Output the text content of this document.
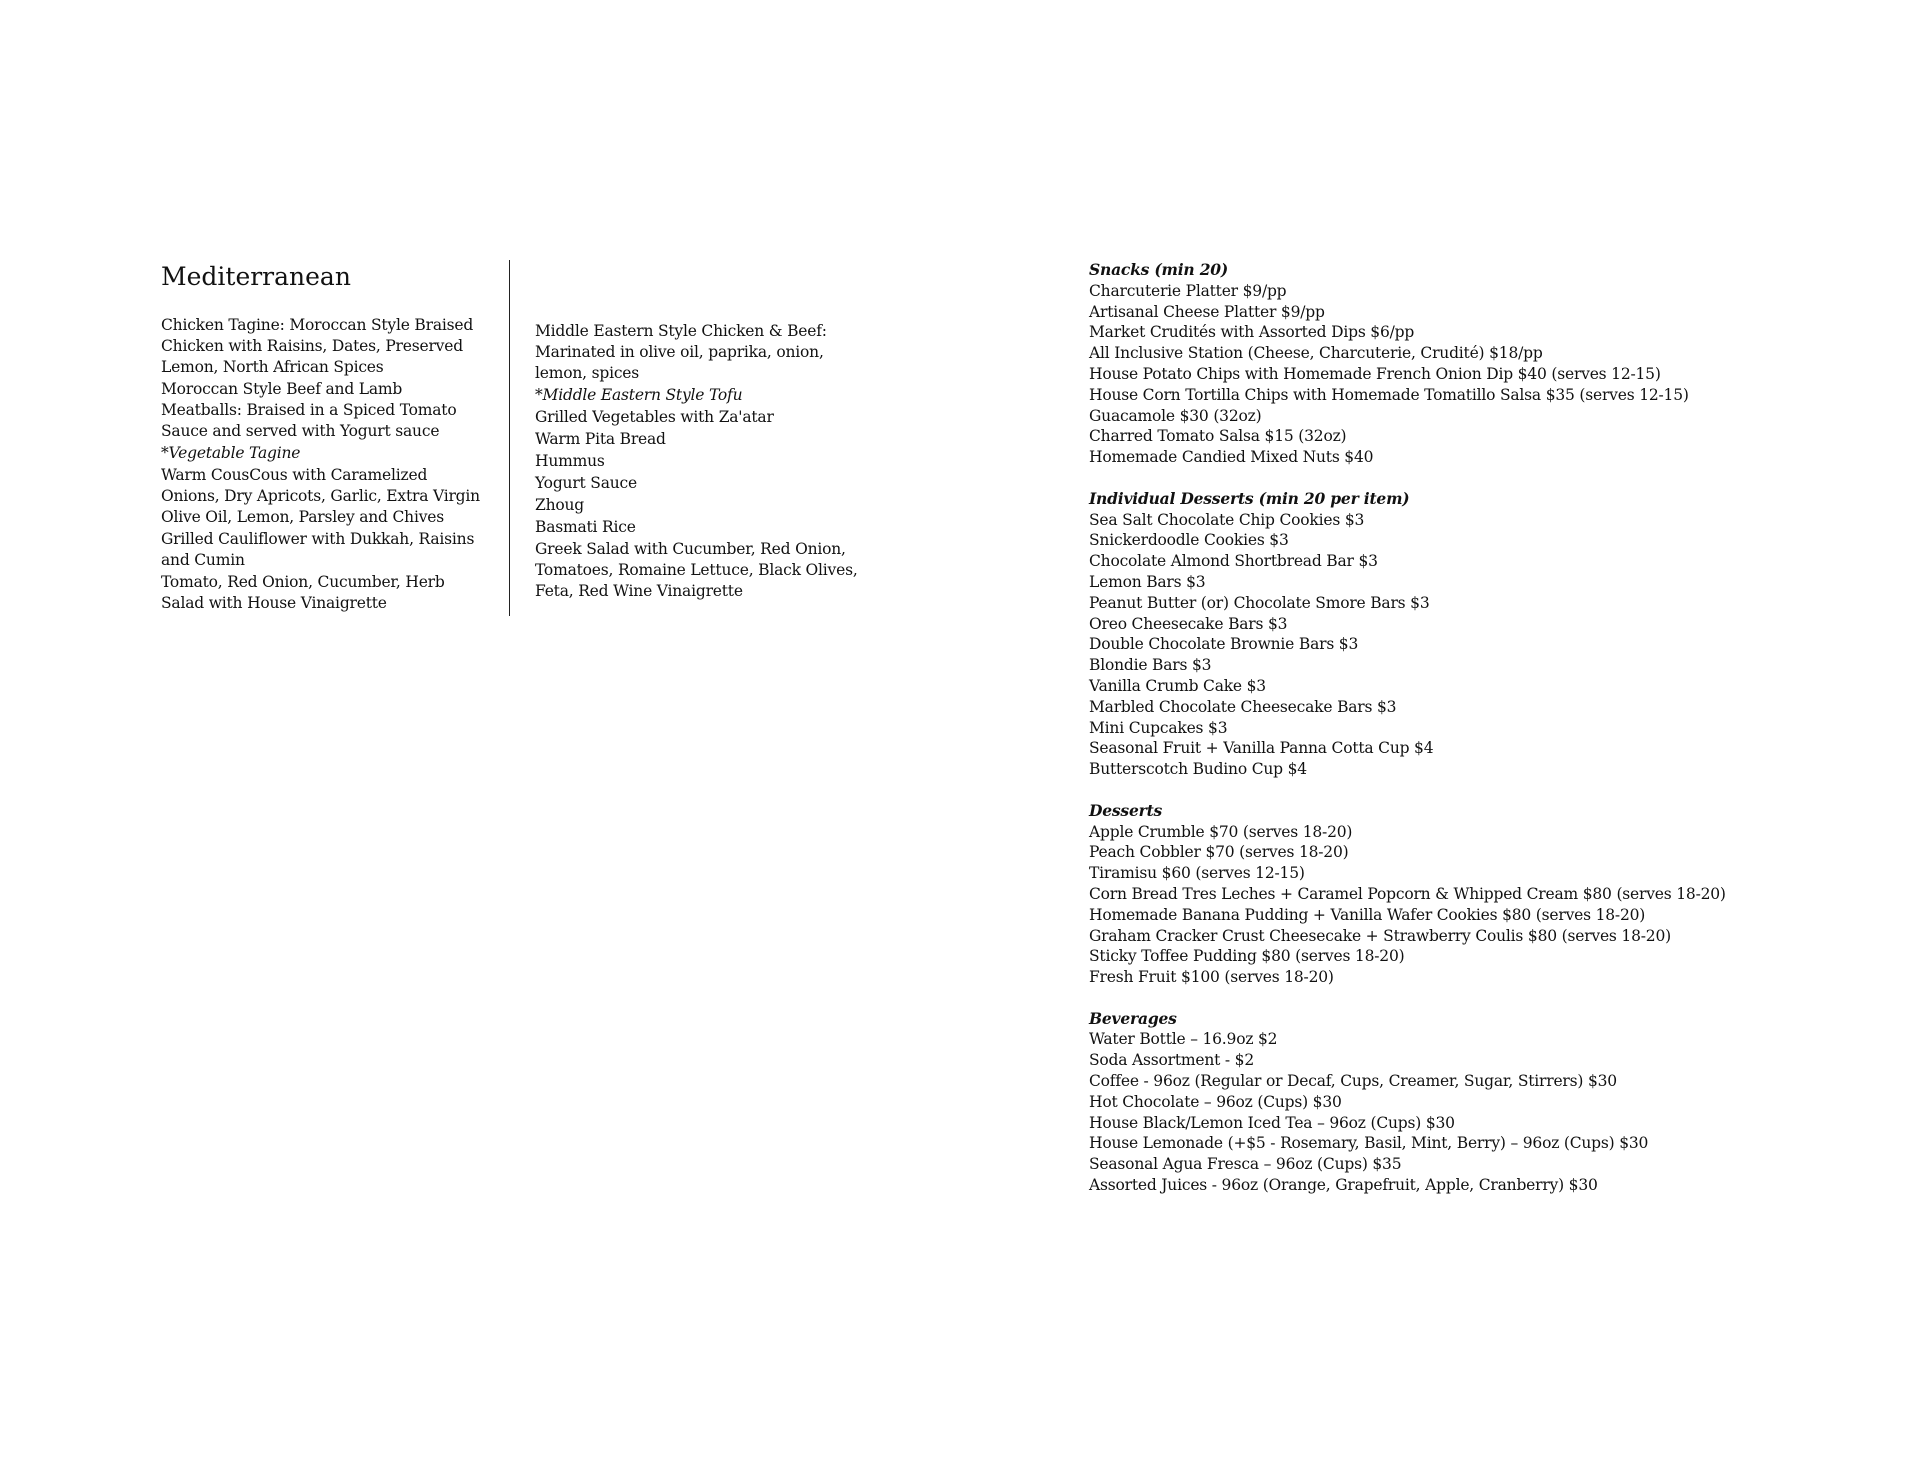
Mediterranean
Chicken Tagine: Moroccan Style Braised Chicken with Raisins, Dates, Preserved Lemon, North African Spices
Moroccan Style Beef and Lamb Meatballs: Braised in a Spiced Tomato Sauce and served with Yogurt sauce
*Vegetable Tagine
Warm CousCous with Caramelized Onions, Dry Apricots, Garlic, Extra Virgin Olive Oil, Lemon, Parsley and Chives
Grilled Cauliflower with Dukkah, Raisins and Cumin
Tomato, Red Onion, Cucumber, Herb Salad with House Vinaigrette
Middle Eastern Style Chicken & Beef: Marinated in olive oil, paprika, onion, lemon, spices
*Middle Eastern Style Tofu
Grilled Vegetables with Za'atar
Warm Pita Bread
Hummus
Yogurt Sauce
Zhoug
Basmati Rice
Greek Salad with Cucumber, Red Onion, Tomatoes, Romaine Lettuce, Black Olives, Feta, Red Wine Vinaigrette
Snacks (min 20)
Charcuterie Platter $9/pp
Artisanal Cheese Platter $9/pp
Market Crudités with Assorted Dips $6/pp
All Inclusive Station (Cheese, Charcuterie, Crudité) $18/pp
House Potato Chips with Homemade French Onion Dip $40 (serves 12-15)
House Corn Tortilla Chips with Homemade Tomatillo Salsa $35 (serves 12-15)
Guacamole $30 (32oz)
Charred Tomato Salsa $15 (32oz)
Homemade Candied Mixed Nuts $40
Individual Desserts (min 20 per item)
Sea Salt Chocolate Chip Cookies $3
Snickerdoodle Cookies $3
Chocolate Almond Shortbread Bar $3
Lemon Bars $3
Peanut Butter (or) Chocolate Smore Bars $3
Oreo Cheesecake Bars $3
Double Chocolate Brownie Bars $3
Blondie Bars $3
Vanilla Crumb Cake $3
Marbled Chocolate Cheesecake Bars $3
Mini Cupcakes $3
Seasonal Fruit + Vanilla Panna Cotta Cup $4
Butterscotch Budino Cup $4
Desserts
Apple Crumble $70 (serves 18-20)
Peach Cobbler $70 (serves 18-20)
Tiramisu $60 (serves 12-15)
Corn Bread Tres Leches + Caramel Popcorn & Whipped Cream $80 (serves 18-20)
Homemade Banana Pudding + Vanilla Wafer Cookies $80 (serves 18-20)
Graham Cracker Crust Cheesecake + Strawberry Coulis $80 (serves 18-20)
Sticky Toffee Pudding $80 (serves 18-20)
Fresh Fruit $100 (serves 18-20)
Beverages
Water Bottle – 16.9oz $2
Soda Assortment - $2
Coffee - 96oz (Regular or Decaf, Cups, Creamer, Sugar, Stirrers) $30
Hot Chocolate – 96oz (Cups) $30
House Black/Lemon Iced Tea – 96oz (Cups) $30
House Lemonade (+$5 - Rosemary, Basil, Mint, Berry) – 96oz (Cups) $30
Seasonal Agua Fresca – 96oz (Cups) $35
Assorted Juices - 96oz (Orange, Grapefruit, Apple, Cranberry) $30
